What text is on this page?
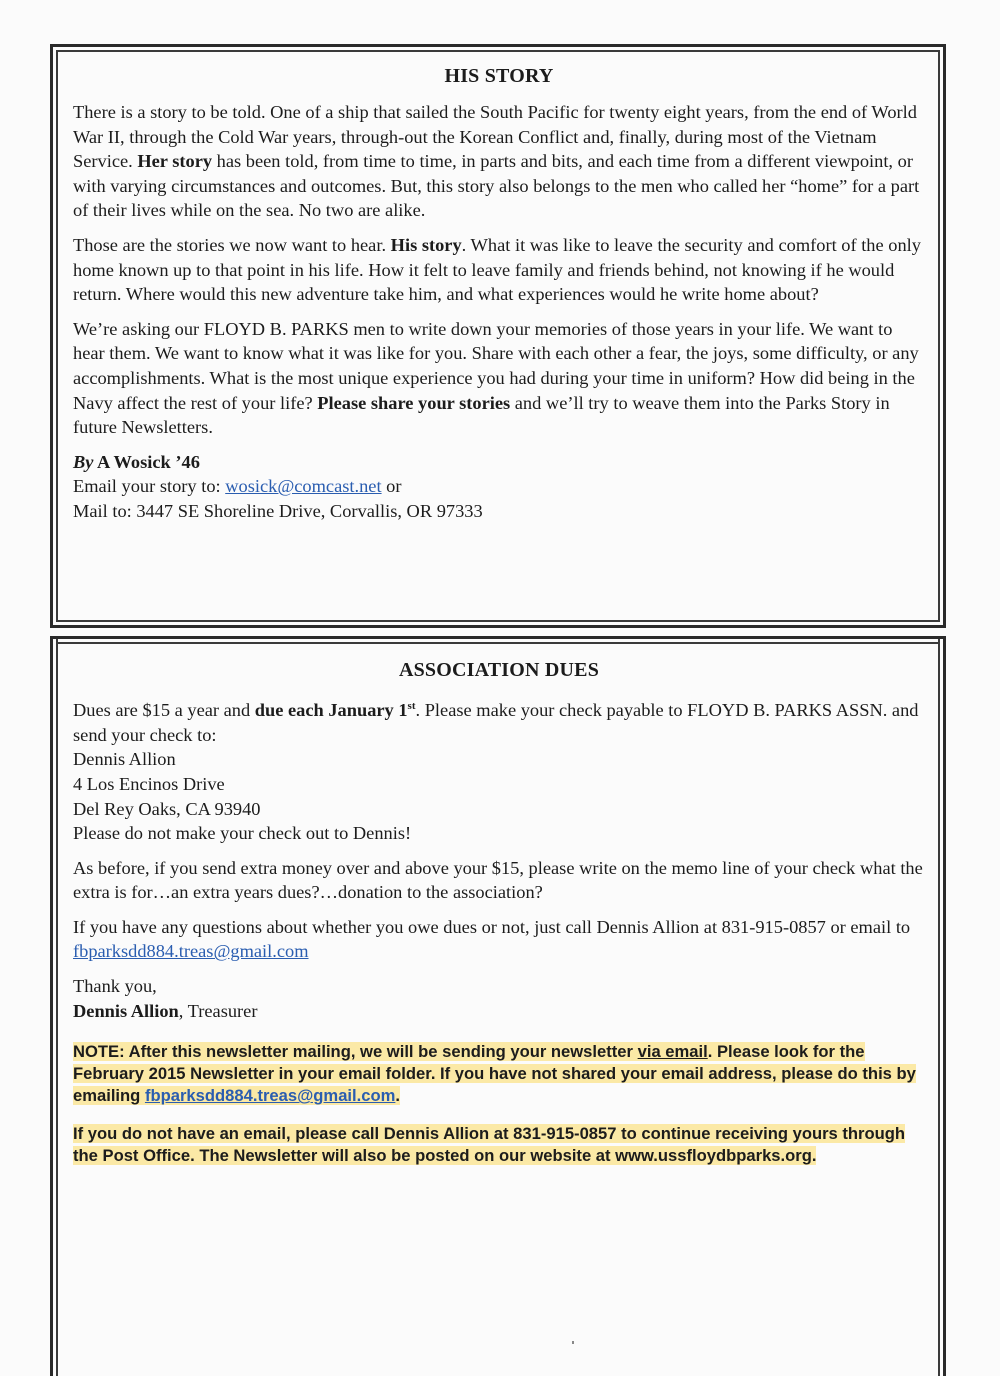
HIS STORY

There is a story to be told. One of a ship that sailed the South Pacific for twenty eight years, from the end of World War II, through the Cold War years, through-out the Korean Conflict and, finally, during most of the Vietnam Service. Her story has been told, from time to time, in parts and bits, and each time from a different viewpoint, or with varying circumstances and outcomes. But, this story also belongs to the men who called her “home” for a part of their lives while on the sea. No two are alike.

Those are the stories we now want to hear. His story. What it was like to leave the security and comfort of the only home known up to that point in his life. How it felt to leave family and friends behind, not knowing if he would return. Where would this new adventure take him, and what experiences would he write home about?

We’re asking our FLOYD B. PARKS men to write down your memories of those years in your life. We want to hear them. We want to know what it was like for you. Share with each other a fear, the joys, some difficulty, or any accomplishments. What is the most unique experience you had during your time in uniform? How did being in the Navy affect the rest of your life? Please share your stories and we’ll try to weave them into the Parks Story in future Newsletters.

By A Wosick ’46
Email your story to: wosick@comcast.net or
Mail to: 3447 SE Shoreline Drive, Corvallis, OR 97333

ASSOCIATION DUES

Dues are $15 a year and due each January 1st. Please make your check payable to FLOYD B. PARKS ASSN. and send your check to:
Dennis Allion
4 Los Encinos Drive
Del Rey Oaks, CA 93940
Please do not make your check out to Dennis!

As before, if you send extra money over and above your $15, please write on the memo line of your check what the extra is for…an extra years dues?…donation to the association?

If you have any questions about whether you owe dues or not, just call Dennis Allion at 831-915-0857 or email to fbparksdd884.treas@gmail.com

Thank you,
Dennis Allion, Treasurer

NOTE: After this newsletter mailing, we will be sending your newsletter via email. Please look for the February 2015 Newsletter in your email folder. If you have not shared your email address, please do this by emailing fbparksdd884.treas@gmail.com.
If you do not have an email, please call Dennis Allion at 831-915-0857 to continue receiving yours through the Post Office. The Newsletter will also be posted on our website at www.ussfloydbparks.org.
